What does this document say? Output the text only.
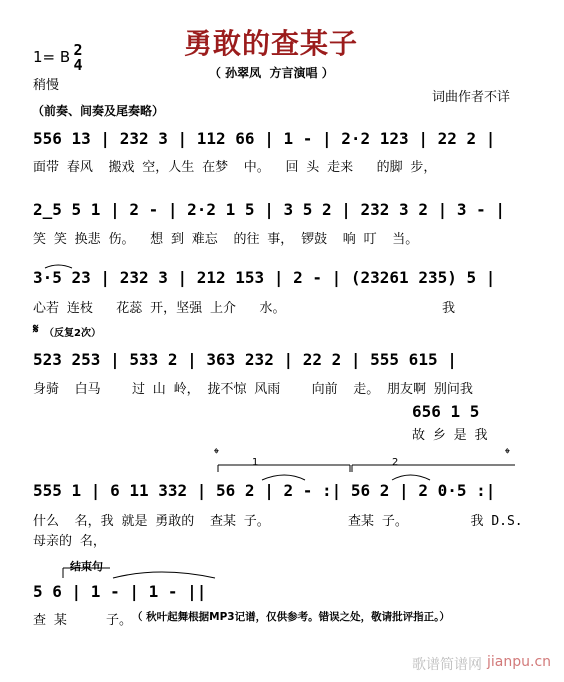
勇敢的查某子
（ 孙翠凤  方言演唱 ）
1= B 2
4
稍慢
词曲作者不详
（前奏、间奏及尾奏略）
556 13 | 232 3 | 112 66 | 1 - | 2·2 123 | 22 2 |
面带 春风  搬戏 空，人生 在梦  中。  回 头 走来   的脚 步，
2̲5 5 1 | 2 - | 2·2 1 5 | 3 5 2 | 232 3 2 | 3 - |
笑 笑 换悲 伤。  想 到 难忘  的往 事， 锣鼓  响 叮  当。
3·5 23 | 232 3 | 212 153 | 2 - | (23261 235) 5 |
心若 连枝   花蕊 开，坚强 上介   水。                    我
𝄋 （反复2次）
523 253 | 533 2 | 363 232 | 22 2 | 555 615 |
身骑  白马    过 山 岭， 拢不惊 风雨    向前  走。 朋友啊 别问我
656 1 5
故 乡 是 我
1	2
𝄌	𝄌
555 1 | 6 11 332 | 56 2 | 2 - :| 56 2 | 2 0·5 :|
什么  名，我 就是 勇敢的  查某 子。          查某 子。        我 D.S.
母亲的 名，
结束句
5 6 | 1 - | 1 - ||
查 某     子。 （ 秋叶起舞根据MP3记谱，仅供参考。错误之处，敬请批评指正。）
歌谱简谱网 jianpu.cn
